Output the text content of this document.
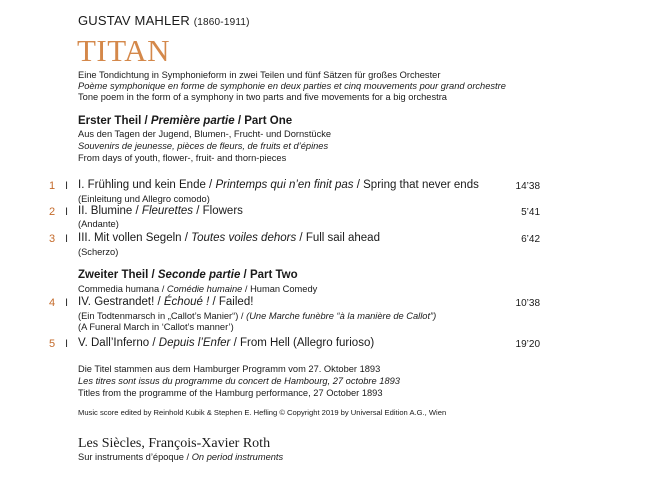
GUSTAV MAHLER (1860-1911)
TITAN
Eine Tondichtung in Symphonieform in zwei Teilen und fünf Sätzen für großes Orchester
Poème symphonique en forme de symphonie en deux parties et cinq mouvements pour grand orchestre
Tone poem in the form of a symphony in two parts and five movements for a big orchestra
Erster Theil / Première partie / Part One
Aus den Tagen der Jugend, Blumen-, Frucht- und Dornstücke
Souvenirs de jeunesse, pièces de fleurs, de fruits et d’épines
From days of youth, flower-, fruit- and thorn-pieces
1 I I. Frühling und kein Ende / Printemps qui n’en finit pas / Spring that never ends	14’38
(Einleitung und Allegro comodo)
2 I II. Blumine / Fleurettes / Flowers	5’41
(Andante)
3 I III. Mit vollen Segeln / Toutes voiles dehors / Full sail ahead	6’42
(Scherzo)
Zweiter Theil / Seconde partie / Part Two
Commedia humana / Comédie humaine / Human Comedy
4 I IV. Gestrandet! / Échoué ! / Failed!	10’38
(Ein Todtenmarsch in „Callot’s Manier“) / (Une Marche funèbre “à la manière de Callot”)
(A Funeral March in ‘Callot’s manner’)
5 I V. Dall’Inferno / Depuis l’Enfer / From Hell (Allegro furioso)	19’20
Die Titel stammen aus dem Hamburger Programm vom 27. Oktober 1893
Les titres sont issus du programme du concert de Hambourg, 27 octobre 1893
Titles from the programme of the Hamburg performance, 27 October 1893
Music score edited by Reinhold Kubik & Stephen E. Hefling © Copyright 2019 by Universal Edition A.G., Wien
Les Siècles, François-Xavier Roth
Sur instruments d’époque / On period instruments
